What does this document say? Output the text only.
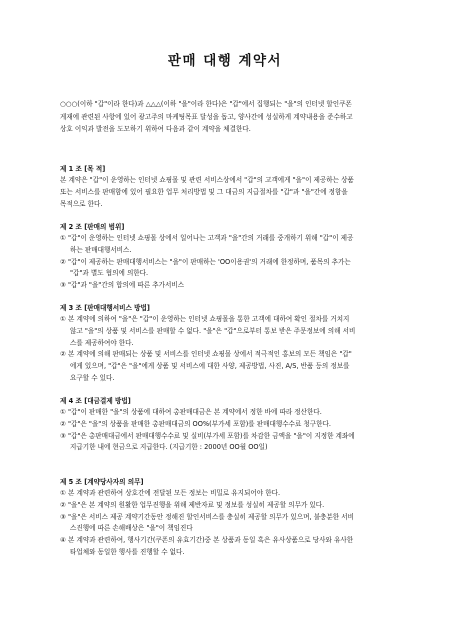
판매 대행 계약서
○○○(이하 "갑"이라 한다)과 △△△(이하 "을"이라 한다)은 "갑"에서 집행되는 "을"의 인터넷 할인쿠폰
게재에 관련된 사항에 있어 광고주의 마케팅목표 달성을 돕고, 양사간에 성실하게 계약내용을 준수하고
상호 이익과 발전을 도모하기 위하여 다음과 같이 계약을 체결한다.
제 1 조 [목 적]
본 계약은 "갑"이 운영하는 인터넷 쇼핑몰 및 관련 서비스상에서 "갑"의 고객에게 "을"이 제공하는 상품
또는 서비스를 판매함에 있어 필요한 업무 처리방법 및 그 대금의 지급절차를 "갑"과 "을"간에 정함을
목적으로 한다.
제 2 조 [판매의 범위]
① "갑"이 운영하는 인터넷 쇼핑몰 상에서 일어나는 고객과 "을"간의 거래를 중개하기 위해 "갑"이 제공
하는 판매대행서비스.
② "갑"이 제공하는 판매대행서비스는 "을"이 판매하는 'OO이용권'의 거래에 한정하며, 품목의 추가는
"갑"과 별도 협의에 의한다.
③ "갑"과 "을"간의 합의에 따른 추가서비스
제 3 조 [판매대행서비스 방법]
① 본 계약에 의하여 "을"은 "갑"이 운영하는 인터넷 쇼핑몰을 통한 고객에 대하여 확인 절차를 거치지
않고 "을"의 상품 및 서비스를 판매할 수 없다. "을"은 "갑"으로부터 통보 받은 주문정보에 의해 서비
스를 제공하여야 한다.
② 본 계약에 의해 판매되는 상품 및 서비스를 인터넷 쇼핑몰 상에서 적극적인 홍보의 모든 책임은 "갑"
에게 있으며, "갑"은 "을"에게 상품 및 서비스에 대한 사양, 제공방법, 사진, A/S, 반품 등의 정보를
요구할 수 있다.
제 4 조 [대금결제 방법]
① "갑"이 판매한 "을"의 상품에 대하여 총판매대금은 본 계약에서 정한 바에 따라 정산한다.
② "갑"은 "을"의 상품을 판매한 총판매대금의 OO%(부가세 포함)를 판매대행수수료 청구한다.
③ "갑"은 총판매대금에서 판매대행수수료 및 실비(부가세 포함)를 차감한 금액을 "을"이 지정한 계좌에
지급기한 내에 현금으로 지급한다. (지급기한 : 2000년 OO월 OO일)
제 5 조 [계약당사자의 의무]
① 본 계약과 관련하여 상호간에 전달된 모든 정보는 비밀로 유지되어야 한다.
② "을"은 본 계약의 원활한 업무진행을 위해 제반자료 및 정보를 성실히 제공할 의무가 있다.
③ "을"은 서비스 제공 계약기간동안 정해진 할인서비스를 충실히 제공할 의무가 있으며, 불충분한 서비
스진행에 따른 손해배상은 "을"이 책임진다
④ 본 계약과 관련하여, 행사기간(쿠폰의 유효기간)중 본 상품과 동일 혹은 유사상품으로 당사와 유사한
타업체와 동일한 행사를 진행할 수 없다.
